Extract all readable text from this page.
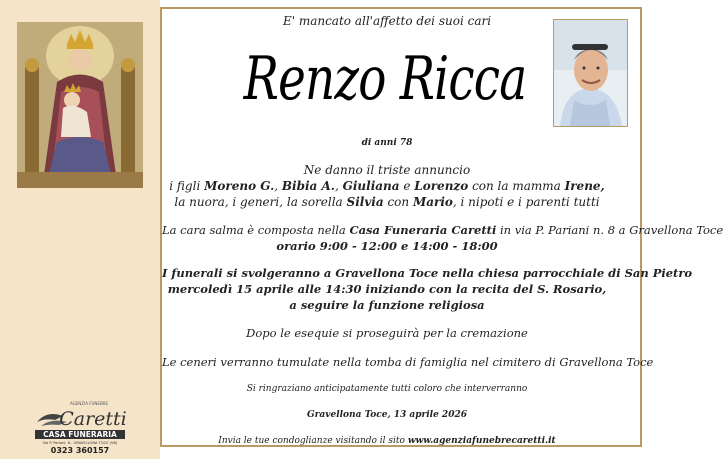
AGENZIA FUNEBRE
Caretti
CASA FUNERARIA
Via P. Pariani, 8 - GRAVELLONA TOCE (VB)
0323 360157
E' mancato all'affetto dei suoi cari
Renzo Ricca
di anni 78
Ne danno il triste annuncio
i figli Moreno G., Bibia A., Giuliana e Lorenzo con la mamma Irene,
la nuora, i generi, la sorella Silvia con Mario, i nipoti e i parenti tutti
La cara salma è composta nella Casa Funeraria Caretti in via P. Pariani n. 8 a Gravellona Toce
orario 9:00 - 12:00 e 14:00 - 18:00
I funerali si svolgeranno a Gravellona Toce nella chiesa parrocchiale di San Pietro
mercoledì 15 aprile alle 14:30 iniziando con la recita del S. Rosario,
a seguire la funzione religiosa
Dopo le esequie si proseguirà per la cremazione
Le ceneri verranno tumulate nella tomba di famiglia nel cimitero di Gravellona Toce
Si ringraziano anticipatamente tutti coloro che interverranno
Gravellona Toce, 13 aprile 2026
Invia le tue condoglianze visitando il sito www.agenziafunebrecaretti.it
